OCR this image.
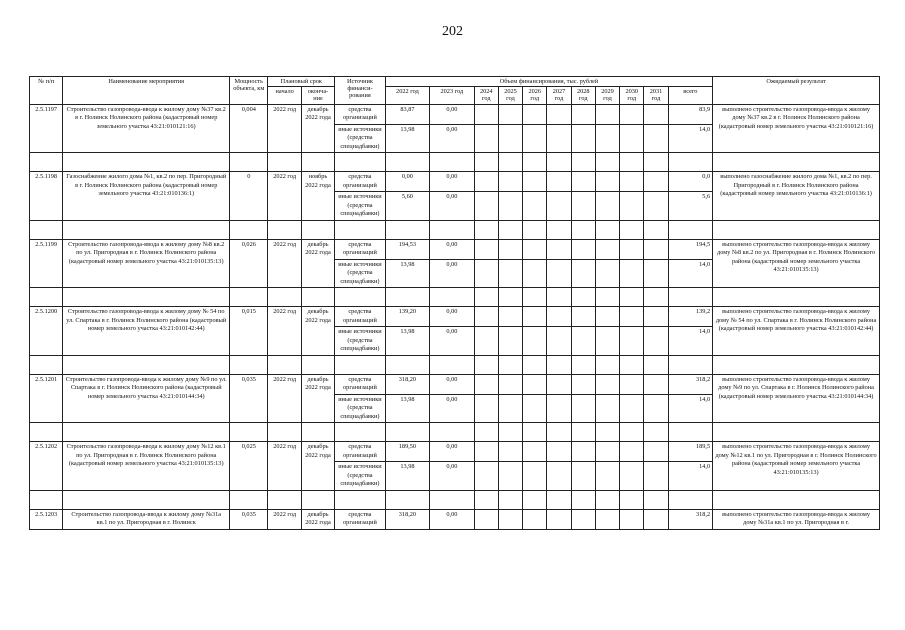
202
№ п/п	Наименование мероприятия	Мощность объекта, км	Плановый срок		Источник финанси-рования	Объем финансирования, тыс. рублей											Ожидаемый результат
			начало	оконча-ние		2022 год	2023 год	2024 год	2025 год	2026 год	2027 год	2028 год	2029 год	2030 год	2031 год	всего	
2.5.1197	Строительство газопровода-ввода к жилому дому №37 кв.2 в г. Нолинск Нолинского района (кадастровый номер земельного участка 43:21:010121:16)	0,004	2022 год	декабрь 2022 года	средства организаций	83,87	0,00									83,9	выполнено строительство газопровода-ввода к жилому дому №37 кв.2 в г. Нолинск Нолинского района (кадастровый номер земельного участка 43:21:010121:16)
					иные источники (средства спецнадбавки)	13,98	0,00									14,0	

2.5.1198	Газоснабжение жилого дома №1, кв.2 по пер. Пригородный в г. Нолинск Нолинского района (кадастровый номер земельного участка 43:21:010136:1)	0	2022 год	ноябрь 2022 года	средства организаций	0,00	0,00									0,0	выполнено газоснабжение жилого дома №1, кв.2 по пер. Пригородный в г. Нолинск Нолинского района (кадастровый номер земельного участка 43:21:010136:1)
					иные источники (средства спецнадбавки)	5,60	0,00									5,6	

2.5.1199	Строительство газопровода-ввода к жилому дому №8 кв.2 по ул. Пригородная в г. Нолинск Нолинского района (кадастровый номер земельного участка 43:21:010135:13)	0,026	2022 год	декабрь 2022 года	средства организаций	194,53	0,00									194,5	выполнено строительство газопровода-ввода к жилому дому №8 кв.2 по ул. Пригородная в г. Нолинск Нолинского района (кадастровый номер земельного участка 43:21:010135:13)
					иные источники (средства спецнадбавки)	13,98	0,00									14,0	

2.5.1200	Строительство газопровода-ввода к жилому дому № 54 по ул. Спартака в г. Нолинск Нолинского района (кадастровый номер земельного участка 43:21:010142:44)	0,015	2022 год	декабрь 2022 года	средства организаций	139,20	0,00									139,2	выполнено строительство газопровода-ввода к жилому дому № 54 по ул. Спартака в г. Нолинск Нолинского района (кадастровый номер земельного участка 43:21:010142:44)
					иные источники (средства спецнадбавки)	13,98	0,00									14,0	

2.5.1201	Строительство газопровода-ввода к жилому дому №9 по ул. Спартака в г. Нолинск Нолинского района (кадастровый номер земельного участка 43:21:010144:34)	0,035	2022 год	декабрь 2022 года	средства организаций	318,20	0,00									318,2	выполнено строительство газопровода-ввода к жилому дому №9 по ул. Спартака в г. Нолинск Нолинского района (кадастровый номер земельного участка 43:21:010144:34)
					иные источники (средства спецнадбавки)	13,98	0,00									14,0	

2.5.1202	Строительство газопровода-ввода к жилому дому №12 кв.1 по ул. Пригородная в г. Нолинск Нолинского района (кадастровый номер земельного участка 43:21:010135:13)	0,025	2022 год	декабрь 2022 года	средства организаций	189,50	0,00									189,5	выполнено строительство газопровода-ввода к жилому дому №12 кв.1 по ул. Пригородная в г. Нолинск Нолинского района (кадастровый номер земельного участка 43:21:010135:13)
					иные источники (средства спецнадбавки)	13,98	0,00									14,0	

2.5.1203	Строительство газопровода-ввода к жилому дому №31а кв.1 по ул. Пригородная в г. Нолинск	0,035	2022 год	декабрь 2022 года	средства организаций	318,20	0,00									318,2	выполнено строительство газопровода-ввода к жилому дому №31а кв.1 по ул. Пригородная в г.
